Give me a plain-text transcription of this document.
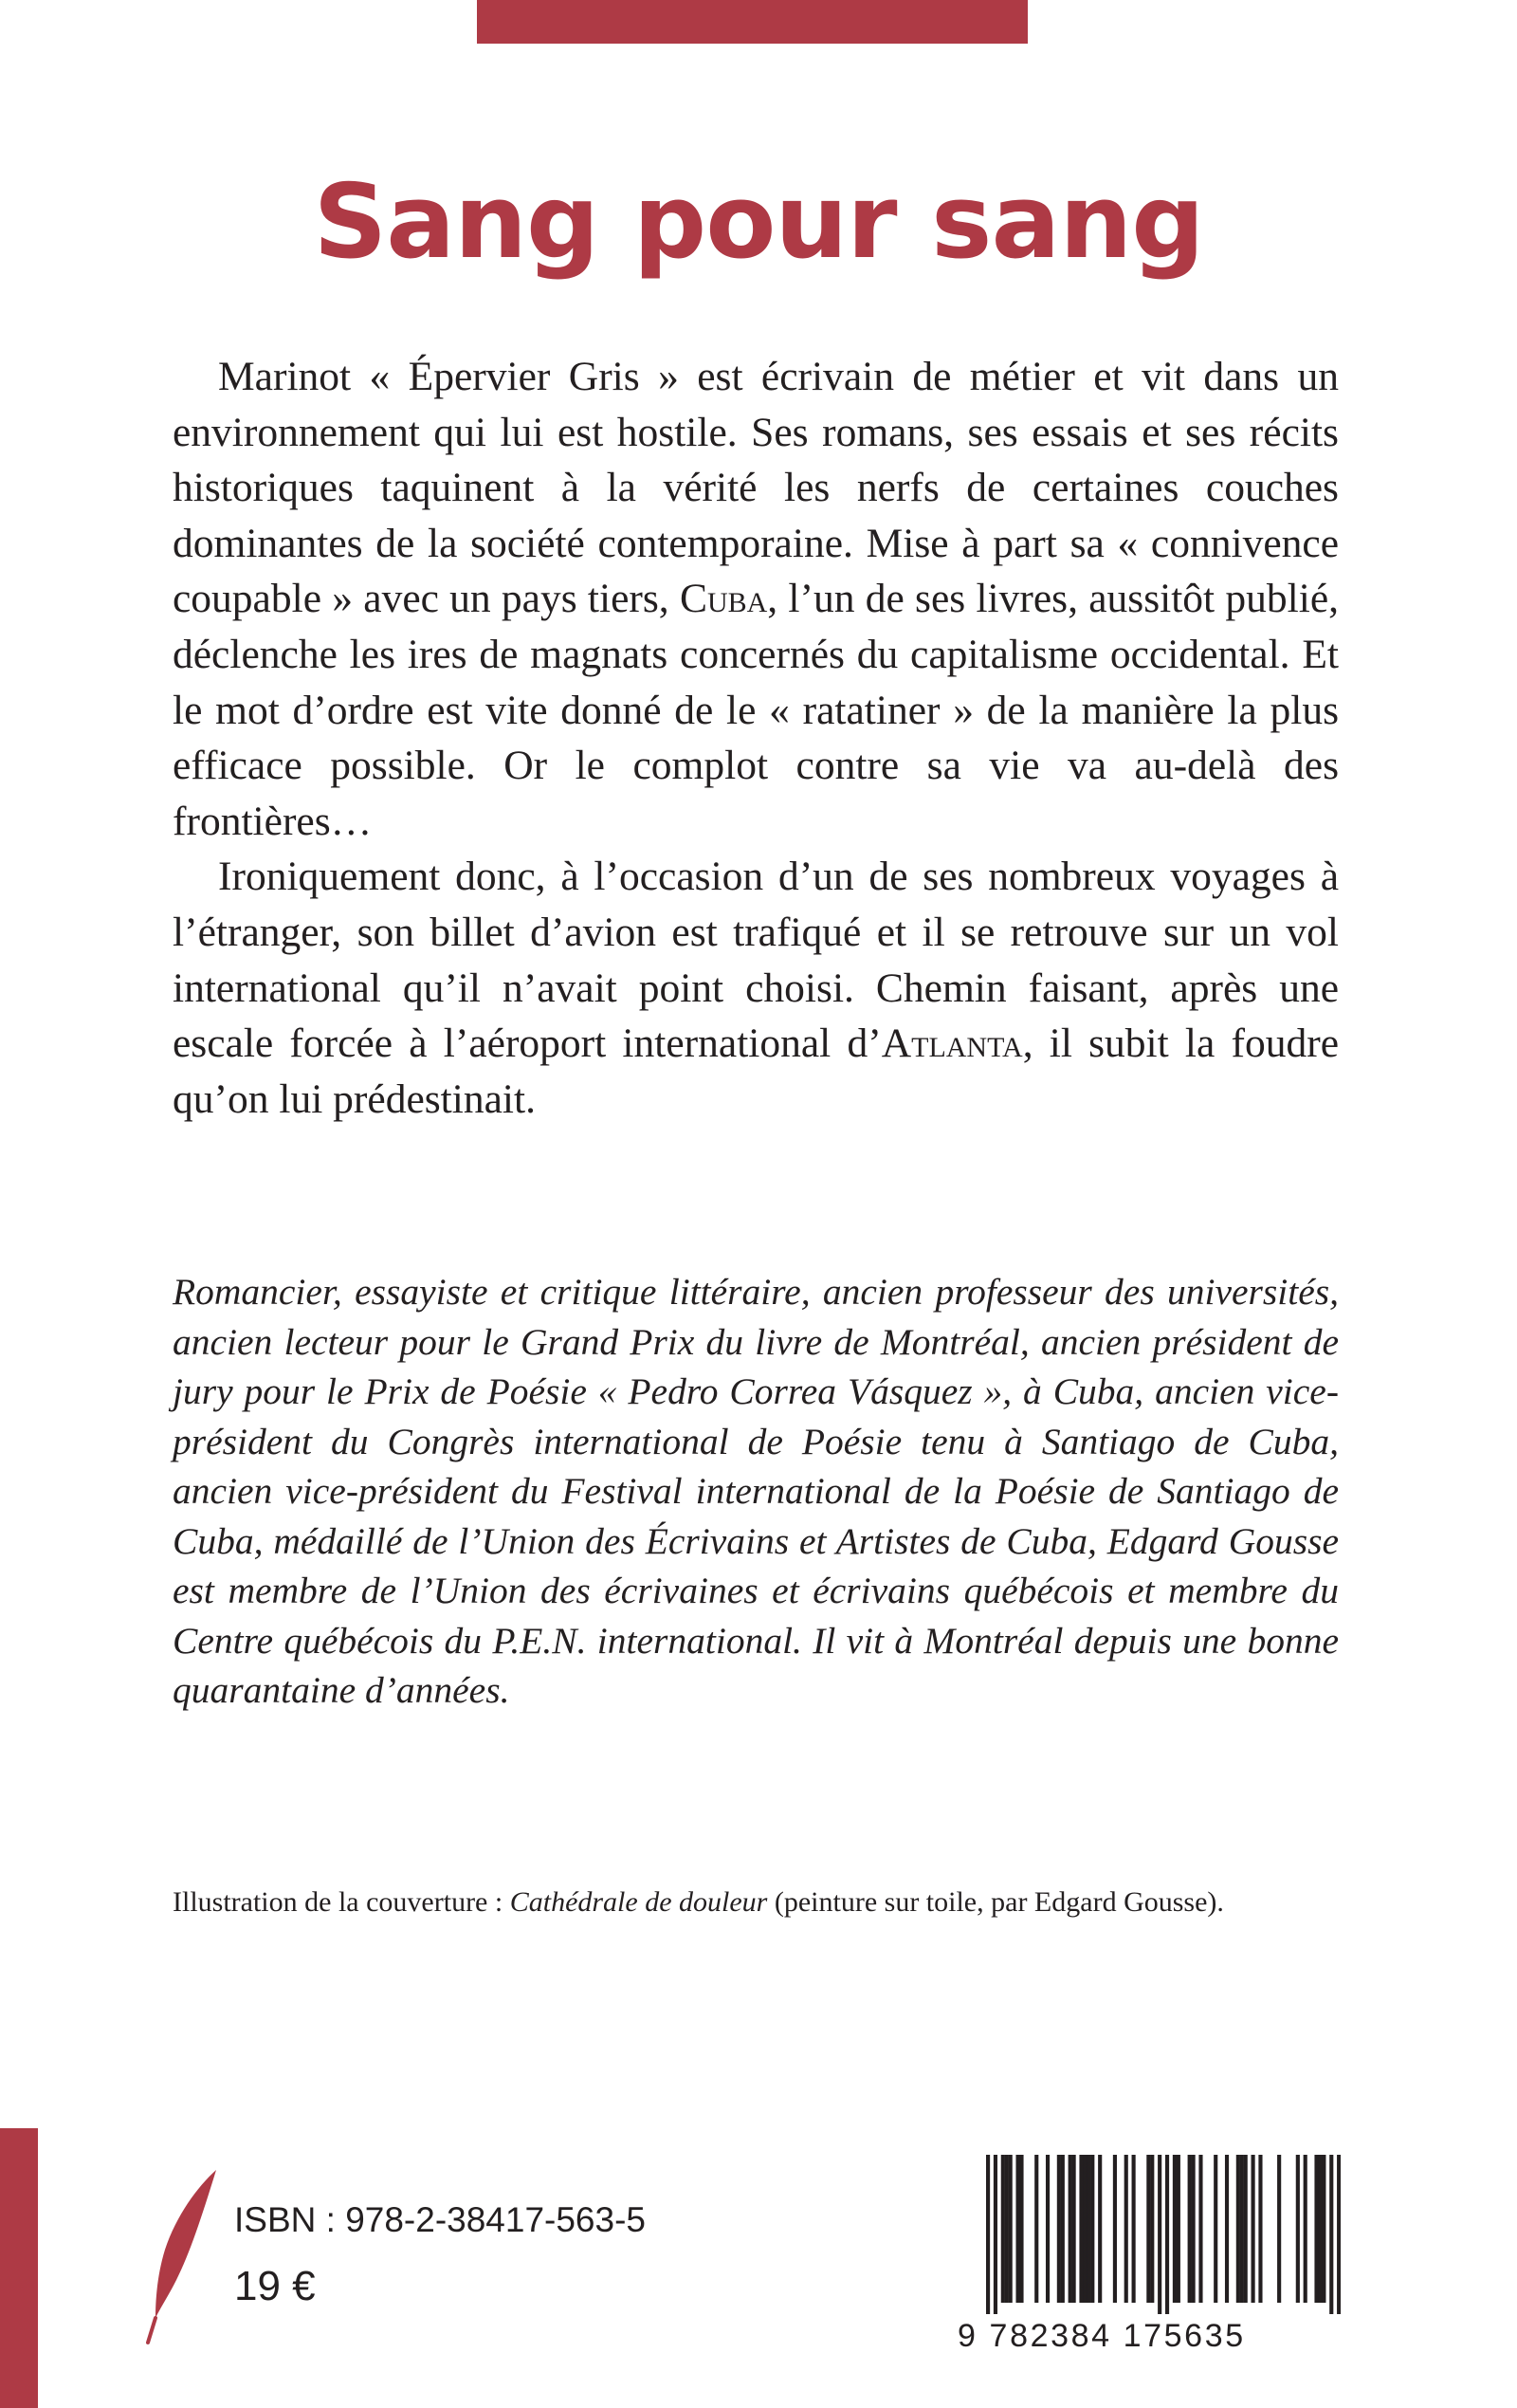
Sang pour sang

Marinot « Épervier Gris » est écrivain de métier et vit dans un environnement qui lui est hostile. Ses romans, ses essais et ses récits historiques taquinent à la vérité les nerfs de certaines couches dominantes de la société contemporaine. Mise à part sa « connivence coupable » avec un pays tiers, Cuba, l’un de ses livres, aussitôt publié, déclenche les ires de magnats concernés du capitalisme occidental. Et le mot d’ordre est vite donné de le « ratatiner » de la manière la plus efficace possible. Or le complot contre sa vie va au-delà des frontières…

Ironiquement donc, à l’occasion d’un de ses nombreux voyages à l’étranger, son billet d’avion est trafiqué et il se retrouve sur un vol international qu’il n’avait point choisi. Chemin faisant, après une escale forcée à l’aéroport international d’Atlanta, il subit la foudre qu’on lui prédestinait.

Romancier, essayiste et critique littéraire, ancien professeur des universités, ancien lecteur pour le Grand Prix du livre de Montréal, ancien président de jury pour le Prix de Poésie « Pedro Correa Vásquez », à Cuba, ancien vice-président du Congrès international de Poésie tenu à Santiago de Cuba, ancien vice-président du Festival international de la Poésie de Santiago de Cuba, médaillé de l’Union des Écrivains et Artistes de Cuba, Edgard Gousse est membre de l’Union des écrivaines et écrivains québécois et membre du Centre québécois du P.E.N. international. Il vit à Montréal depuis une bonne quarantaine d’années.

Illustration de la couverture : Cathédrale de douleur (peinture sur toile, par Edgard Gousse).

ISBN : 978-2-38417-563-5
19 €
9 782384 175635
